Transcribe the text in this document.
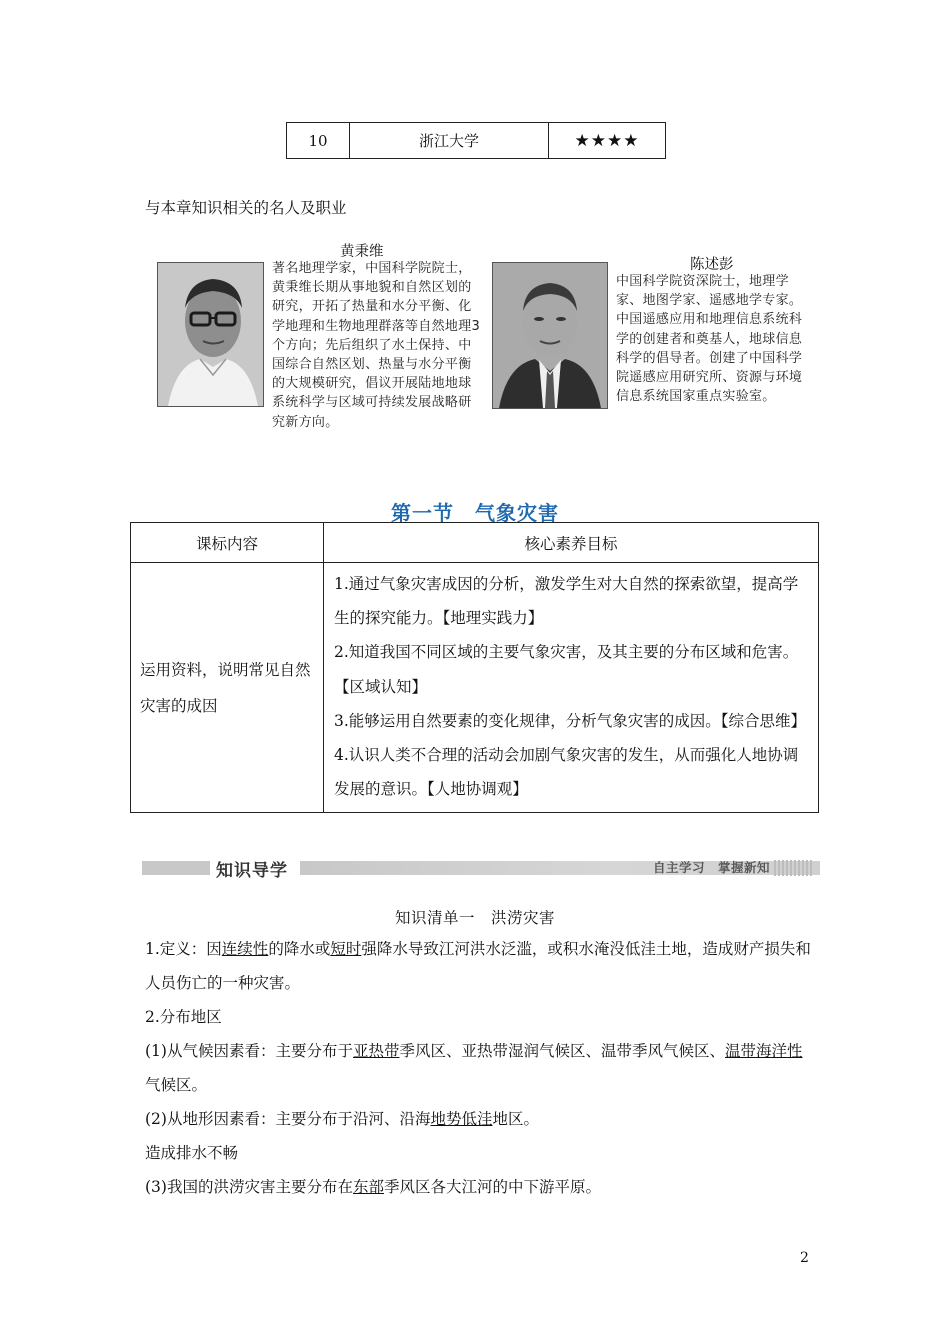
10	浙江大学	★★★★
与本章知识相关的名人及职业
黄秉维
著名地理学家，中国科学院院士，黄秉维长期从事地貌和自然区划的研究，开拓了热量和水分平衡、化学地理和生物地理群落等自然地理3个方向；先后组织了水土保持、中国综合自然区划、热量与水分平衡的大规模研究，倡议开展陆地地球系统科学与区域可持续发展战略研究新方向。
陈述彭
中国科学院资深院士，地理学家、地图学家、遥感地学专家。中国遥感应用和地理信息系统科学的创建者和奠基人，地球信息科学的倡导者。创建了中国科学院遥感应用研究所、资源与环境信息系统国家重点实验室。
第一节　气象灾害
课标内容	核心素养目标
运用资料，说明常见自然灾害的成因	1.通过气象灾害成因的分析，激发学生对大自然的探索欲望，提高学生的探究能力。【地理实践力】

2.知道我国不同区域的主要气象灾害，及其主要的分布区域和危害。【区域认知】

3.能够运用自然要素的变化规律，分析气象灾害的成因。【综合思维】

4.认识人类不合理的活动会加剧气象灾害的发生，从而强化人地协调发展的意识。【人地协调观】

知识导学	自主学习　掌握新知
知识清单一　洪涝灾害

1.定义：因连续性的降水或短时强降水导致江河洪水泛滥，或积水淹没低洼土地，造成财产损失和人员伤亡的一种灾害。

2.分布地区

(1)从气候因素看：主要分布于亚热带季风区、亚热带湿润气候区、温带季风气候区、温带海洋性气候区。

(2)从地形因素看：主要分布于沿河、沿海地势低洼地区。

造成排水不畅

(3)我国的洪涝灾害主要分布在东部季风区各大江河的中下游平原。

2
